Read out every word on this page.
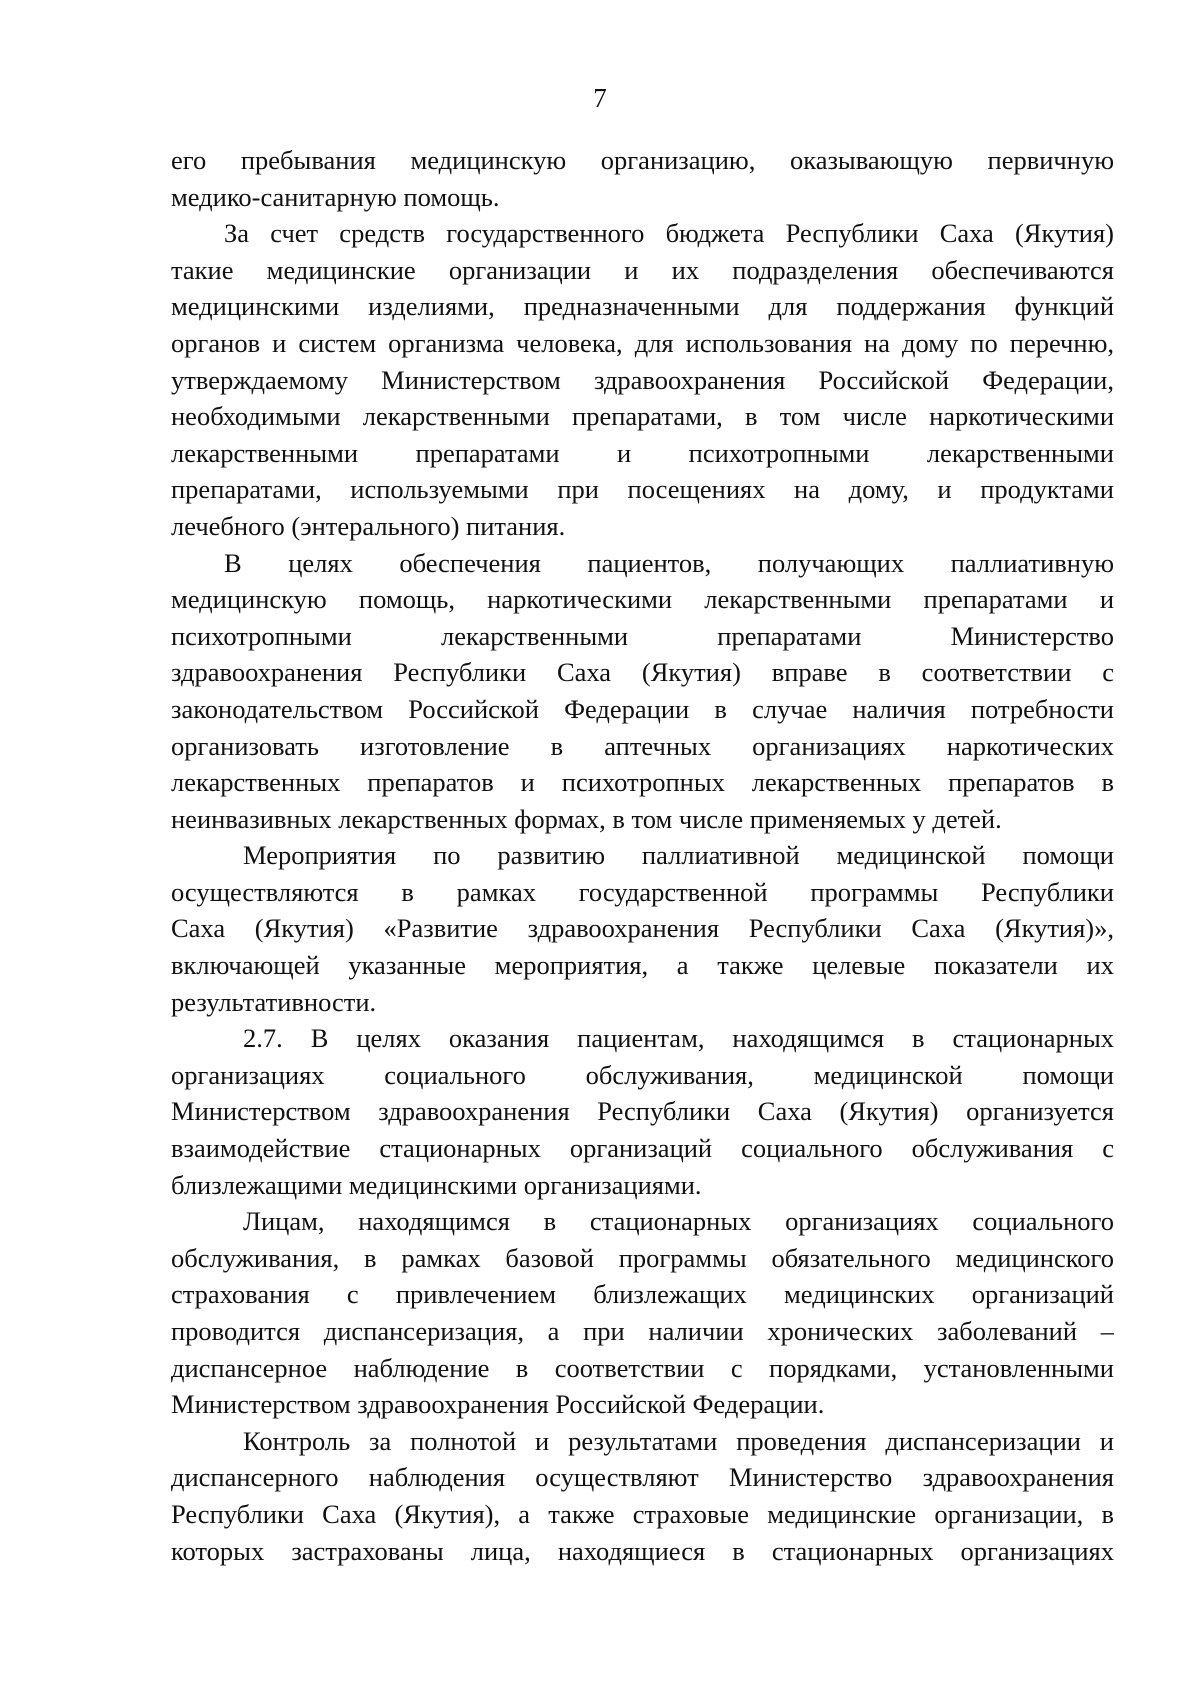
7
его пребывания медицинскую организацию, оказывающую первичную
медико-санитарную помощь.
За счет средств государственного бюджета Республики Саха (Якутия)
такие медицинские организации и их подразделения обеспечиваются
медицинскими изделиями, предназначенными для поддержания функций
органов и систем организма человека, для использования на дому по перечню,
утверждаемому Министерством здравоохранения Российской Федерации,
необходимыми лекарственными препаратами, в том числе наркотическими
лекарственными препаратами и психотропными лекарственными
препаратами, используемыми при посещениях на дому, и продуктами
лечебного (энтерального) питания.
В целях обеспечения пациентов, получающих паллиативную
медицинскую помощь, наркотическими лекарственными препаратами и
психотропными лекарственными препаратами Министерство
здравоохранения Республики Саха (Якутия) вправе в соответствии с
законодательством Российской Федерации в случае наличия потребности
организовать изготовление в аптечных организациях наркотических
лекарственных препаратов и психотропных лекарственных препаратов в
неинвазивных лекарственных формах, в том числе применяемых у детей.
Мероприятия по развитию паллиативной медицинской помощи
осуществляются в рамках государственной программы Республики
Саха (Якутия) «Развитие здравоохранения Республики Саха (Якутия)»,
включающей указанные мероприятия, а также целевые показатели их
результативности.
2.7. В целях оказания пациентам, находящимся в стационарных
организациях социального обслуживания, медицинской помощи
Министерством здравоохранения Республики Саха (Якутия) организуется
взаимодействие стационарных организаций социального обслуживания с
близлежащими медицинскими организациями.
Лицам, находящимся в стационарных организациях социального
обслуживания, в рамках базовой программы обязательного медицинского
страхования с привлечением близлежащих медицинских организаций
проводится диспансеризация, а при наличии хронических заболеваний –
диспансерное наблюдение в соответствии с порядками, установленными
Министерством здравоохранения Российской Федерации.
Контроль за полнотой и результатами проведения диспансеризации и
диспансерного наблюдения осуществляют Министерство здравоохранения
Республики Саха (Якутия), а также страховые медицинские организации, в
которых застрахованы лица, находящиеся в стационарных организациях
